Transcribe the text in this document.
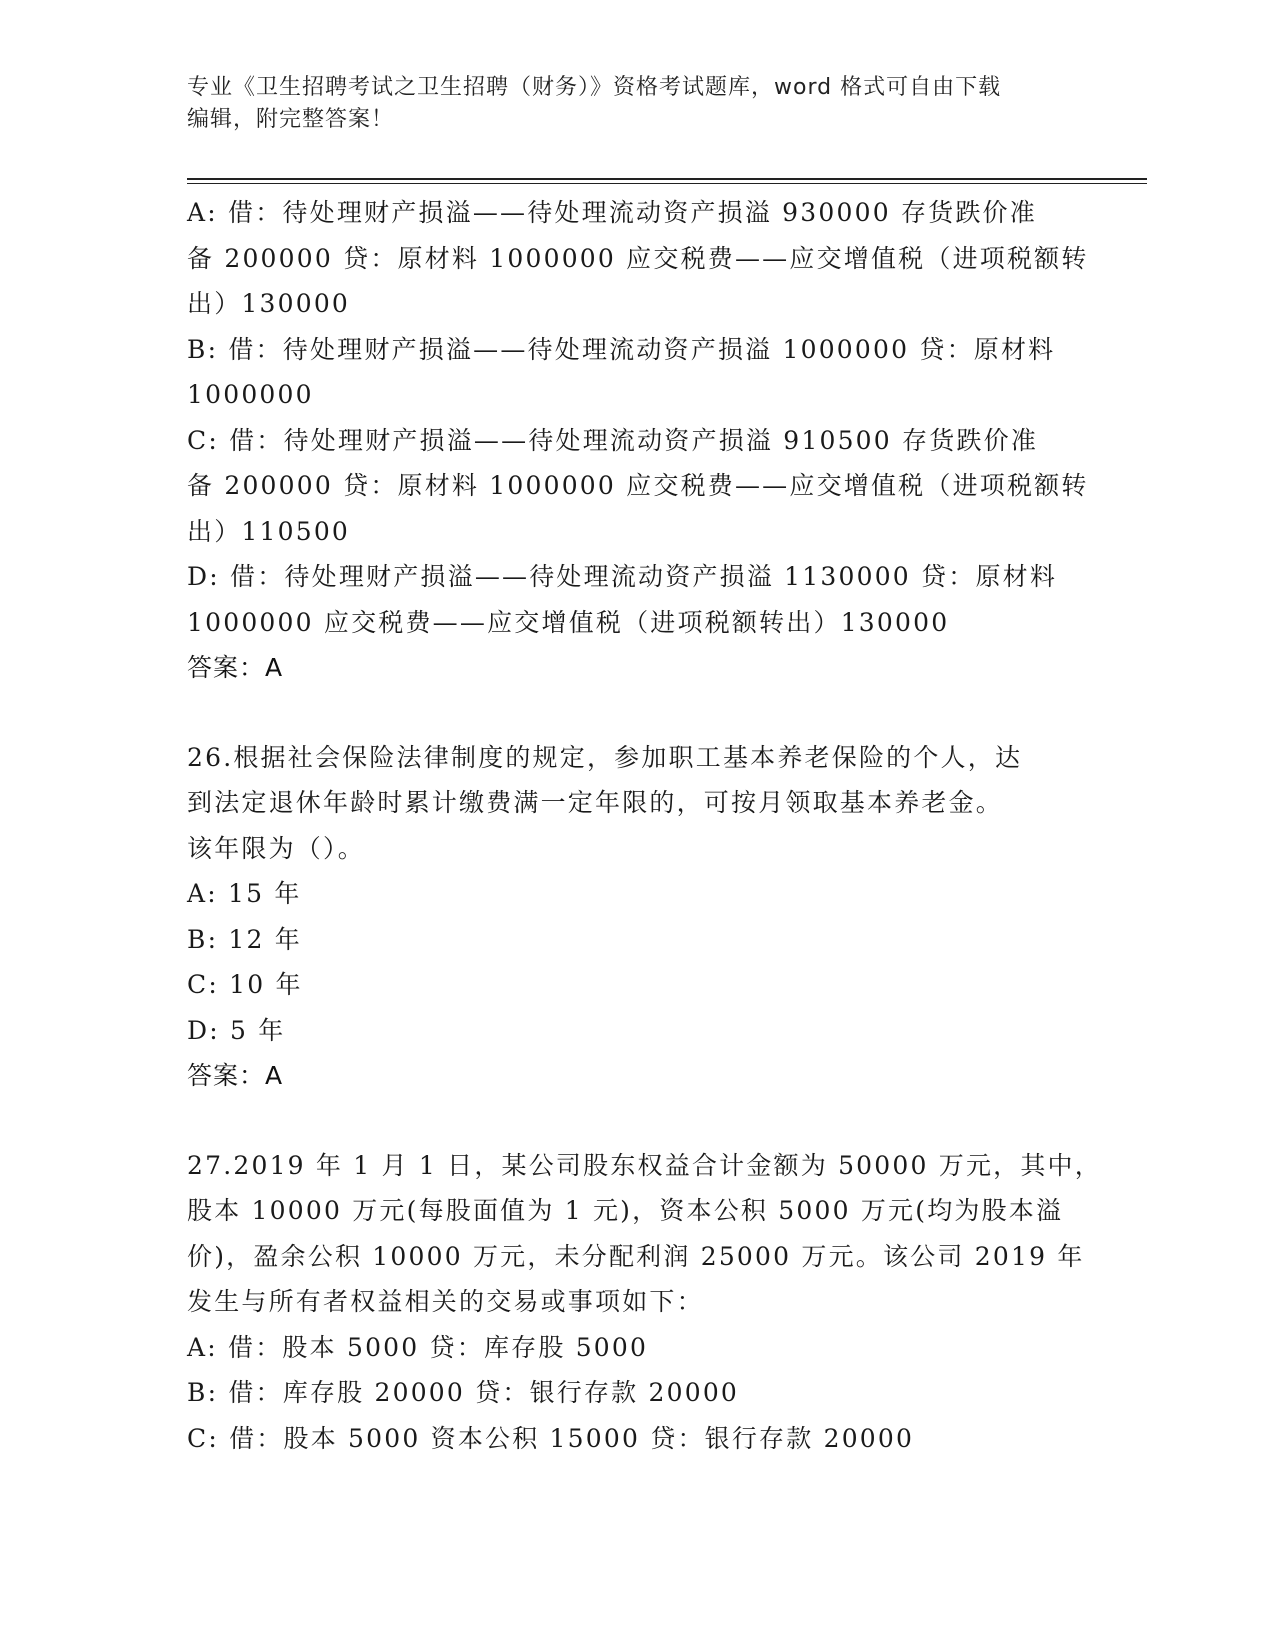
专业《卫生招聘考试之卫生招聘（财务）》资格考试题库，word 格式可自由下载
编辑，附完整答案！
A: 借：待处理财产损溢——待处理流动资产损溢 930000 存货跌价准
备 200000 贷：原材料 1000000 应交税费——应交增值税（进项税额转
出）130000
B: 借：待处理财产损溢——待处理流动资产损溢 1000000 贷：原材料
1000000
C: 借：待处理财产损溢——待处理流动资产损溢 910500 存货跌价准
备 200000 贷：原材料 1000000 应交税费——应交增值税（进项税额转
出）110500
D: 借：待处理财产损溢——待处理流动资产损溢 1130000 贷：原材料
1000000 应交税费——应交增值税（进项税额转出）130000
答案：A
26.根据社会保险法律制度的规定，参加职工基本养老保险的个人，达
到法定退休年龄时累计缴费满一定年限的，可按月领取基本养老金。
该年限为（）。
A: 15 年
B: 12 年
C: 10 年
D: 5 年
答案：A
27.2019 年 1 月 1 日，某公司股东权益合计金额为 50000 万元，其中，
股本 10000 万元(每股面值为 1 元)，资本公积 5000 万元(均为股本溢
价)，盈余公积 10000 万元，未分配利润 25000 万元。该公司 2019 年
发生与所有者权益相关的交易或事项如下：
A: 借：股本 5000 贷：库存股 5000
B: 借：库存股 20000 贷：银行存款 20000
C: 借：股本 5000 资本公积 15000 贷：银行存款 20000
